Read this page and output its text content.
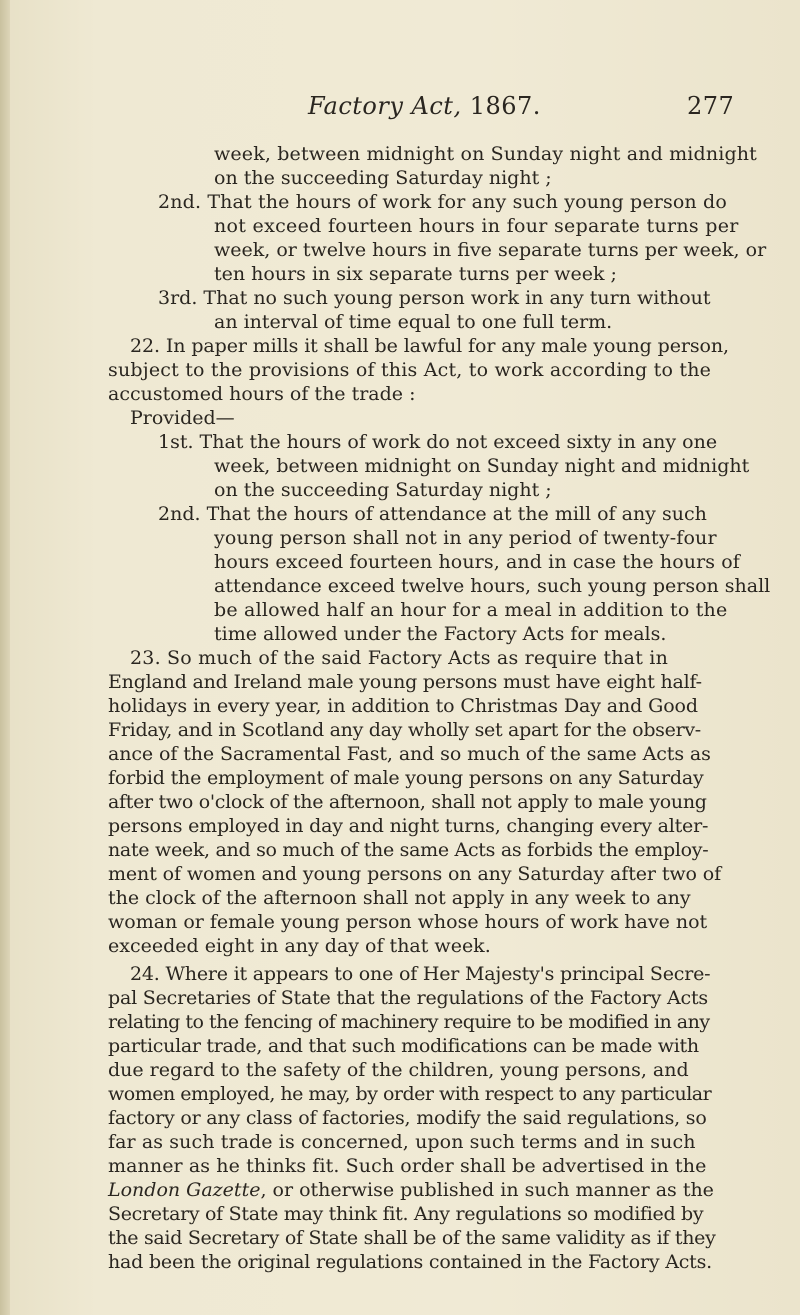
Factory Act, 1867.	277
week, between midnight on Sunday night and midnight
on the succeeding Saturday night ;
2nd. That the hours of work for any such young person do
not exceed fourteen hours in four separate turns per
week, or twelve hours in five separate turns per week, or
ten hours in six separate turns per week ;
3rd. That no such young person work in any turn without
an interval of time equal to one full term.
22. In paper mills it shall be lawful for any male young person,
subject to the provisions of this Act, to work according to the
accustomed hours of the trade :
Provided—
1st. That the hours of work do not exceed sixty in any one
week, between midnight on Sunday night and midnight
on the succeeding Saturday night ;
2nd. That the hours of attendance at the mill of any such
young person shall not in any period of twenty-four
hours exceed fourteen hours, and in case the hours of
attendance exceed twelve hours, such young person shall
be allowed half an hour for a meal in addition to the
time allowed under the Factory Acts for meals.
23. So much of the said Factory Acts as require that in
England and Ireland male young persons must have eight half-
holidays in every year, in addition to Christmas Day and Good
Friday, and in Scotland any day wholly set apart for the observ-
ance of the Sacramental Fast, and so much of the same Acts as
forbid the employment of male young persons on any Saturday
after two o'clock of the afternoon, shall not apply to male young
persons employed in day and night turns, changing every alter-
nate week, and so much of the same Acts as forbids the employ-
ment of women and young persons on any Saturday after two of
the clock of the afternoon shall not apply in any week to any
woman or female young person whose hours of work have not
exceeded eight in any day of that week.
24. Where it appears to one of Her Majesty's principal Secre-
pal Secretaries of State that the regulations of the Factory Acts
relating to the fencing of machinery require to be modified in any
particular trade, and that such modifications can be made with
due regard to the safety of the children, young persons, and
women employed, he may, by order with respect to any particular
factory or any class of factories, modify the said regulations, so
far as such trade is concerned, upon such terms and in such
manner as he thinks fit. Such order shall be advertised in the
London Gazette, or otherwise published in such manner as the
Secretary of State may think fit. Any regulations so modified by
the said Secretary of State shall be of the same validity as if they
had been the original regulations contained in the Factory Acts.
